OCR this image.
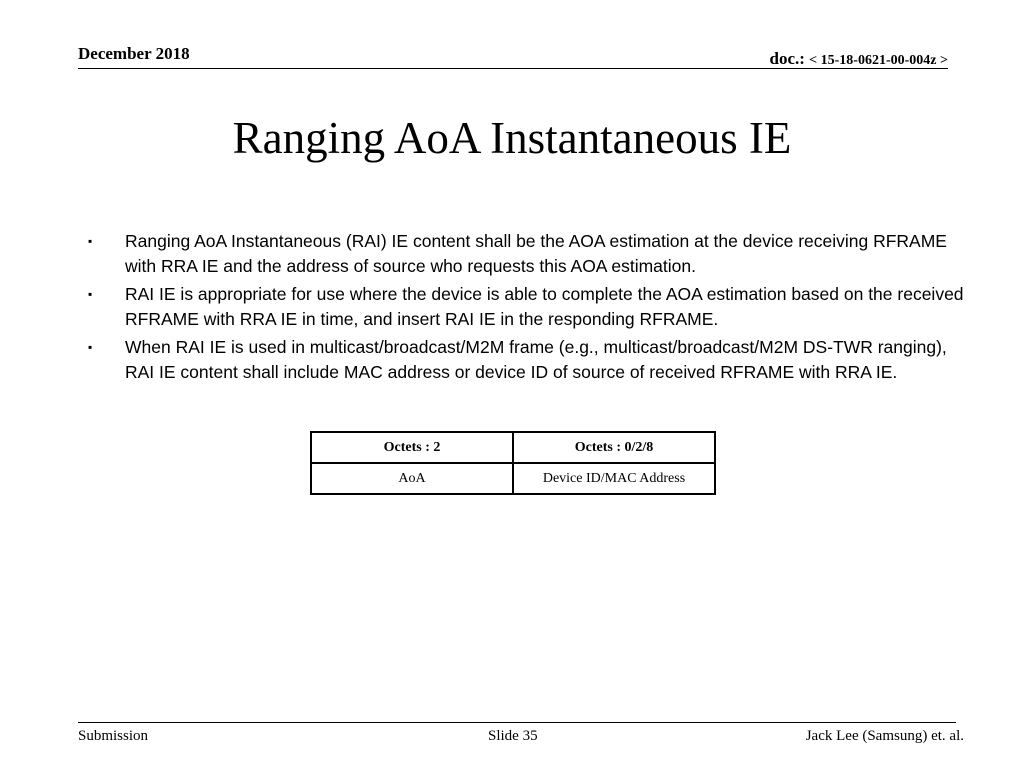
December 2018	doc.: < 15-18-0621-00-004z >
Ranging AoA Instantaneous IE
▪ Ranging AoA Instantaneous (RAI) IE content shall be the AOA estimation at the device receiving RFRAME with RRA IE and the address of source who requests this AOA estimation.
▪ RAI IE is appropriate for use where the device is able to complete the AOA estimation based on the received RFRAME with RRA IE in time, and insert RAI IE in the responding RFRAME.
▪ When RAI IE is used in multicast/broadcast/M2M frame (e.g., multicast/broadcast/M2M DS-TWR ranging), RAI IE content shall include MAC address or device ID of source of received RFRAME with RRA IE.
Octets : 2	Octets : 0/2/8
AoA	Device ID/MAC Address
Submission	Slide 35	Jack Lee (Samsung) et. al.
